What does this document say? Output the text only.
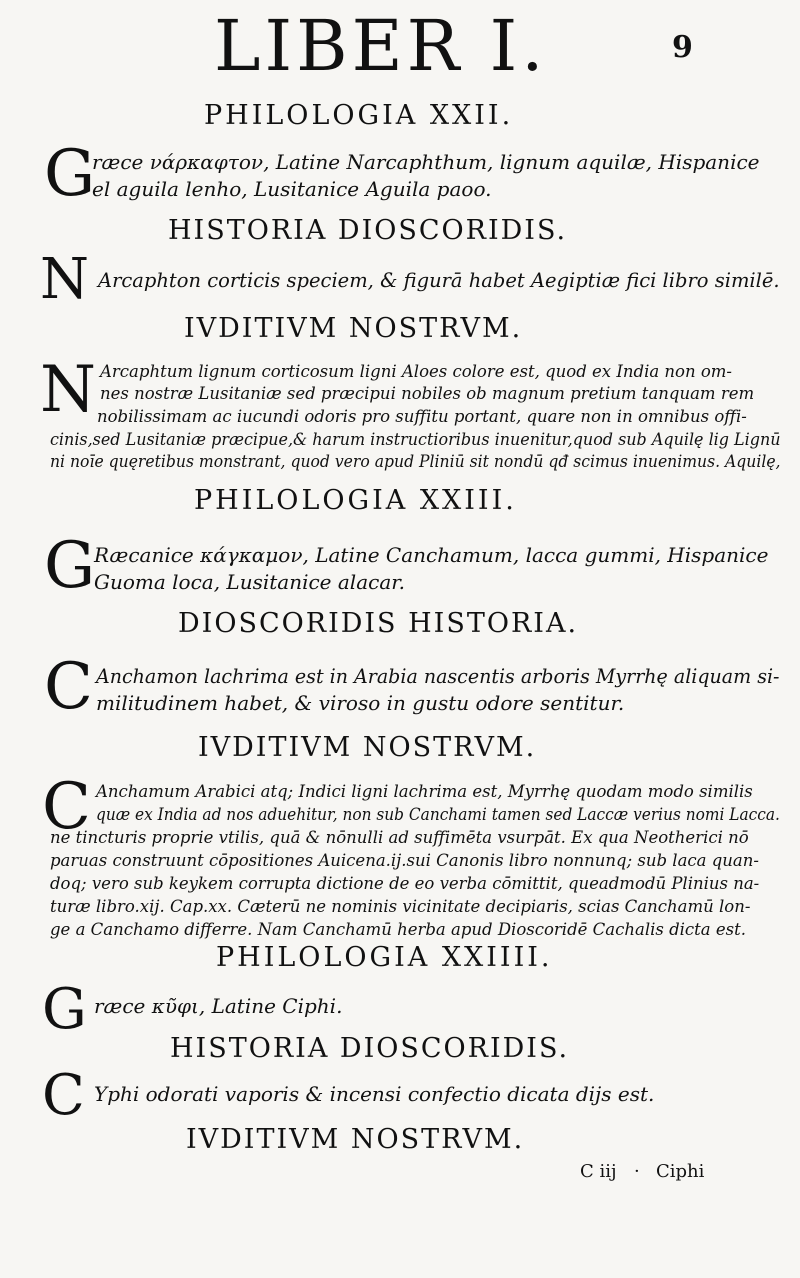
LIBER I.	9
PHILOLOGIA XXII.
G
ræce νάρκαφτον, Latine Narcaphthum, lignum aquilæ, Hispanice
el aguila lenho, Lusitanice Aguila paoo.
HISTORIA DIOSCORIDIS.
N Arcaphton corticis speciem, & figurā habet Aegiptiæ fici libro similē.
IVDITIVM NOSTRVM.
N Arcaphtum lignum corticosum ligni Aloes colore est, quod ex India non om-
nes nostræ Lusitaniæ sed præcipui nobiles ob magnum pretium tanquam rem
nobilissimam ac iucundi odoris pro suffitu portant, quare non in omnibus offi-
cinis,sed Lusitaniæ præcipue,& harum instructioribus inuenitur,quod sub Aquilę lig Lignū
ni noīe quęretibus monstrant, quod vero apud Pliniū sit nondū qđ scimus inuenimus. Aquilę,
PHILOLOGIA XXIII.
G
Ræcanice κάγκαμον, Latine Canchamum, lacca gummi, Hispanice
Guoma loca, Lusitanice alacar.
DIOSCORIDIS HISTORIA.
C Anchamon lachrima est in Arabia nascentis arboris Myrrhę aliquam si-
militudinem habet, & viroso in gustu odore sentitur.
IVDITIVM NOSTRVM.
C Anchamum Arabici atq; Indici ligni lachrima est, Myrrhę quodam modo similis
quæ ex India ad nos aduehitur, non sub Canchami tamen sed Laccæ verius nomi Lacca.
ne tincturis proprie vtilis, quā & nōnulli ad suffimēta vsurpāt. Ex qua Neotherici nō
paruas construunt cōpositiones Auicena.ij.sui Canonis libro nonnunq; sub laca quan-
doq; vero sub keykem corrupta dictione de eo verba cōmittit, queadmodū Plinius na-
turæ libro.xij. Cap.xx. Cæterū ne nominis vicinitate decipiaris, scias Canchamū lon-
ge a Canchamo differre. Nam Canchamū herba apud Dioscoridē Cachalis dicta est.
PHILOLOGIA XXIIII.
G ræce κῦφι, Latine Ciphi.
HISTORIA DIOSCORIDIS.
C Yphi odorati vaporis & incensi confectio dicata dijs est.
IVDITIVM NOSTRVM.
C iij · Ciphi
